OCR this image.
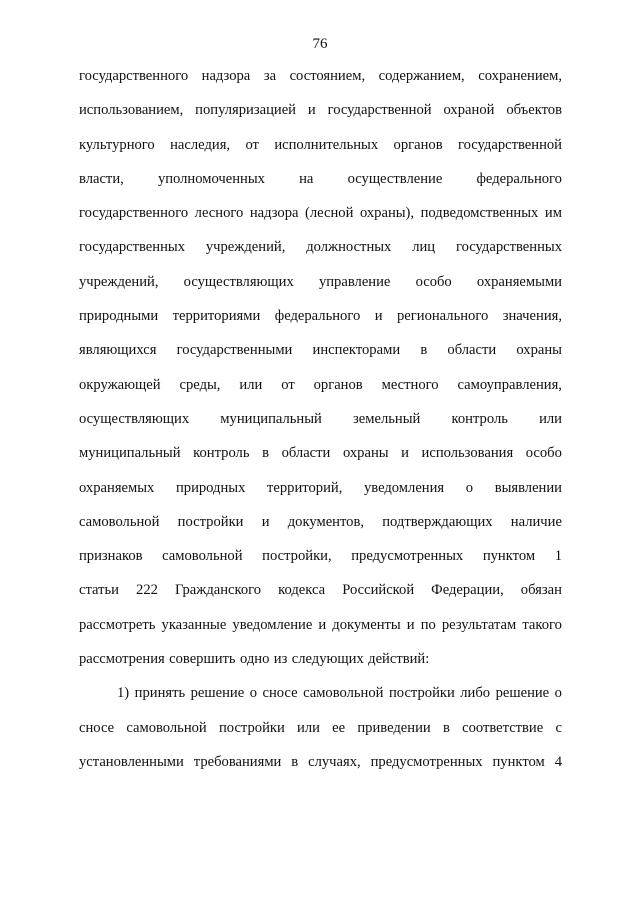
76
государственного надзора за состоянием, содержанием, сохранением,
использованием, популяризацией и государственной охраной объектов
культурного наследия, от исполнительных органов государственной
власти, уполномоченных на осуществление федерального
государственного лесного надзора (лесной охраны), подведомственных им
государственных учреждений, должностных лиц государственных
учреждений, осуществляющих управление особо охраняемыми
природными территориями федерального и регионального значения,
являющихся государственными инспекторами в области охраны
окружающей среды, или от органов местного самоуправления,
осуществляющих муниципальный земельный контроль или
муниципальный контроль в области охраны и использования особо
охраняемых природных территорий, уведомления о выявлении
самовольной постройки и документов, подтверждающих наличие
признаков самовольной постройки, предусмотренных пунктом 1
статьи 222 Гражданского кодекса Российской Федерации, обязан
рассмотреть указанные уведомление и документы и по результатам такого
рассмотрения совершить одно из следующих действий:
1) принять решение о сносе самовольной постройки либо решение о
сносе самовольной постройки или ее приведении в соответствие с
установленными требованиями в случаях, предусмотренных пунктом 4
